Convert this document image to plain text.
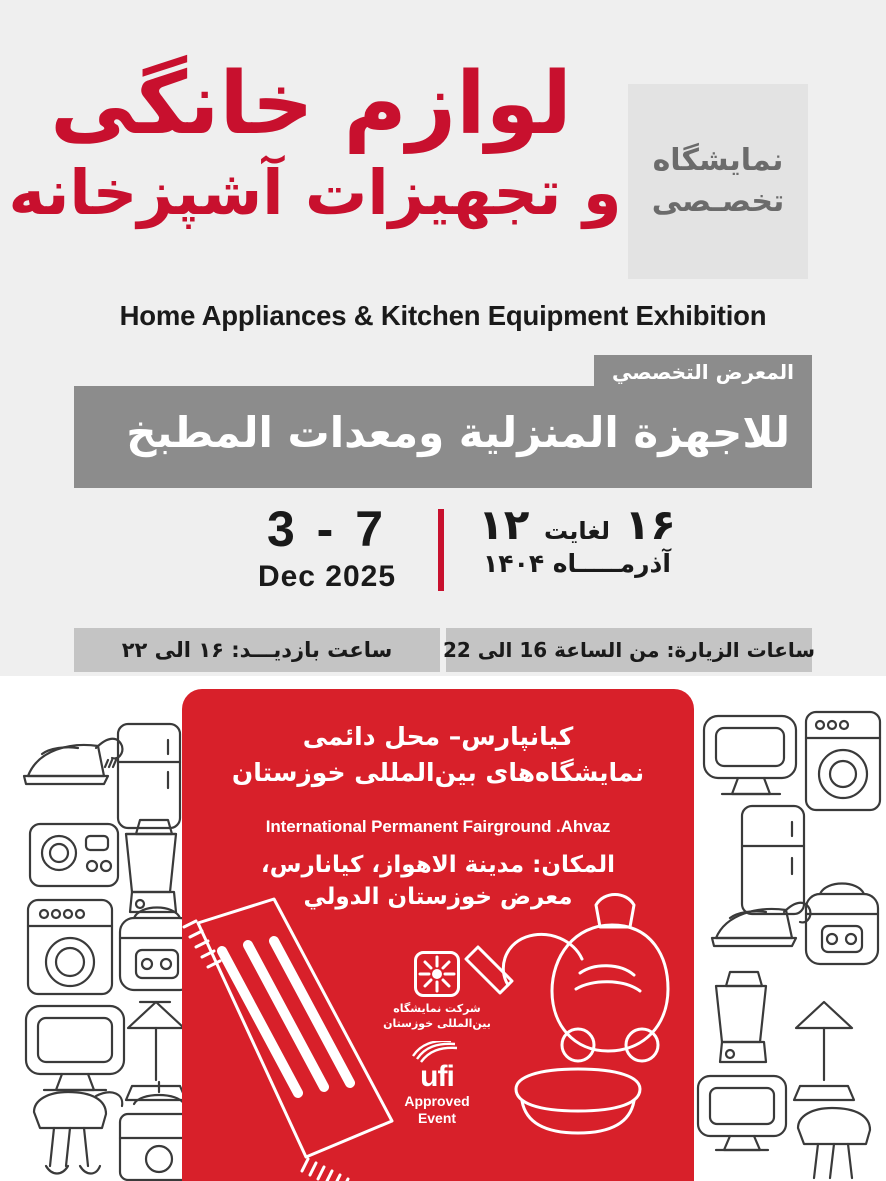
لوازم خانگی
و تجهیزات آشپزخانه	نمایشگاه
تخصـصی
Home Appliances & Kitchen Equipment Exhibition
المعرض التخصصي
للاجهزة المنزلية ومعدات المطبخ
3 - 7
Dec 2025
۱۶ لغایت ۱۲
آذرمـــــاه ۱۴۰۴
ساعت بازدیـــد: ۱۶ الی ۲۲	ساعات الزيارة: من الساعة 16 الى 22
کیانپارس– محل دائمی
نمایشگاه‌های بین‌المللی خوزستان
International Permanent Fairground .Ahvaz
المكان: مدينة الاهواز، كيانارس،
معرض خوزستان الدولي
شرکت نمایشگاه
بین‌المللی خوزستان
ufi
Approved
Event
